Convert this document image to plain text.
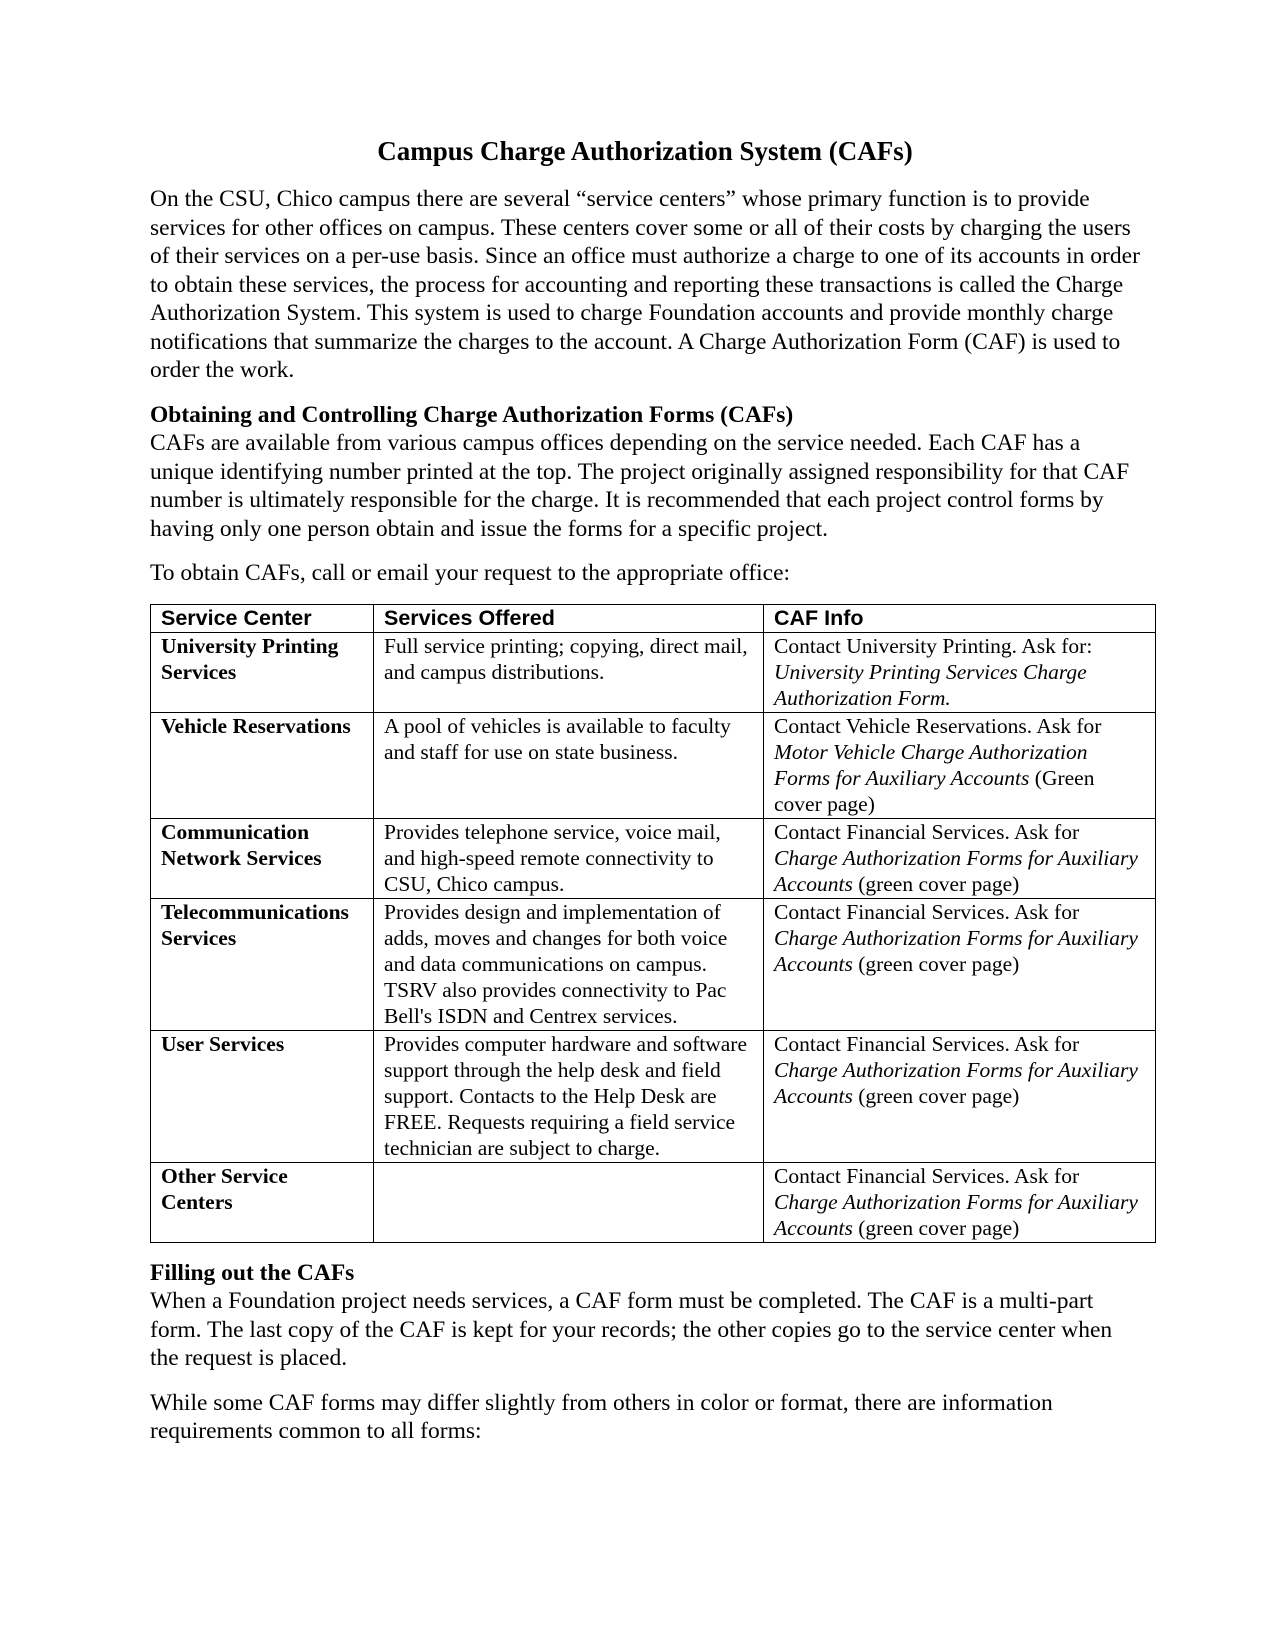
Campus Charge Authorization System (CAFs)

On the CSU, Chico campus there are several “service centers” whose primary function is to provide services for other offices on campus. These centers cover some or all of their costs by charging the users of their services on a per-use basis. Since an office must authorize a charge to one of its accounts in order to obtain these services, the process for accounting and reporting these transactions is called the Charge Authorization System. This system is used to charge Foundation accounts and provide monthly charge notifications that summarize the charges to the account. A Charge Authorization Form (CAF) is used to order the work.

Obtaining and Controlling Charge Authorization Forms (CAFs)

CAFs are available from various campus offices depending on the service needed. Each CAF has a unique identifying number printed at the top. The project originally assigned responsibility for that CAF number is ultimately responsible for the charge. It is recommended that each project control forms by having only one person obtain and issue the forms for a specific project.

To obtain CAFs, call or email your request to the appropriate office:

Service Center	Services Offered	CAF Info
University Printing Services	Full service printing; copying, direct mail, and campus distributions.	Contact University Printing. Ask for: University Printing Services Charge Authorization Form.
Vehicle Reservations	A pool of vehicles is available to faculty and staff for use on state business.	Contact Vehicle Reservations. Ask for Motor Vehicle Charge Authorization Forms for Auxiliary Accounts (Green cover page)
Communication Network Services	Provides telephone service, voice mail, and high-speed remote connectivity to CSU, Chico campus.	Contact Financial Services. Ask for Charge Authorization Forms for Auxiliary Accounts (green cover page)
Telecommunications Services	Provides design and implementation of adds, moves and changes for both voice and data communications on campus. TSRV also provides connectivity to Pac Bell's ISDN and Centrex services.	Contact Financial Services. Ask for Charge Authorization Forms for Auxiliary Accounts (green cover page)
User Services	Provides computer hardware and software support through the help desk and field support. Contacts to the Help Desk are FREE. Requests requiring a field service technician are subject to charge.	Contact Financial Services. Ask for Charge Authorization Forms for Auxiliary Accounts (green cover page)
Other Service Centers		Contact Financial Services. Ask for Charge Authorization Forms for Auxiliary Accounts (green cover page)

Filling out the CAFs

When a Foundation project needs services, a CAF form must be completed. The CAF is a multi-part form. The last copy of the CAF is kept for your records; the other copies go to the service center when the request is placed.

While some CAF forms may differ slightly from others in color or format, there are information requirements common to all forms:
